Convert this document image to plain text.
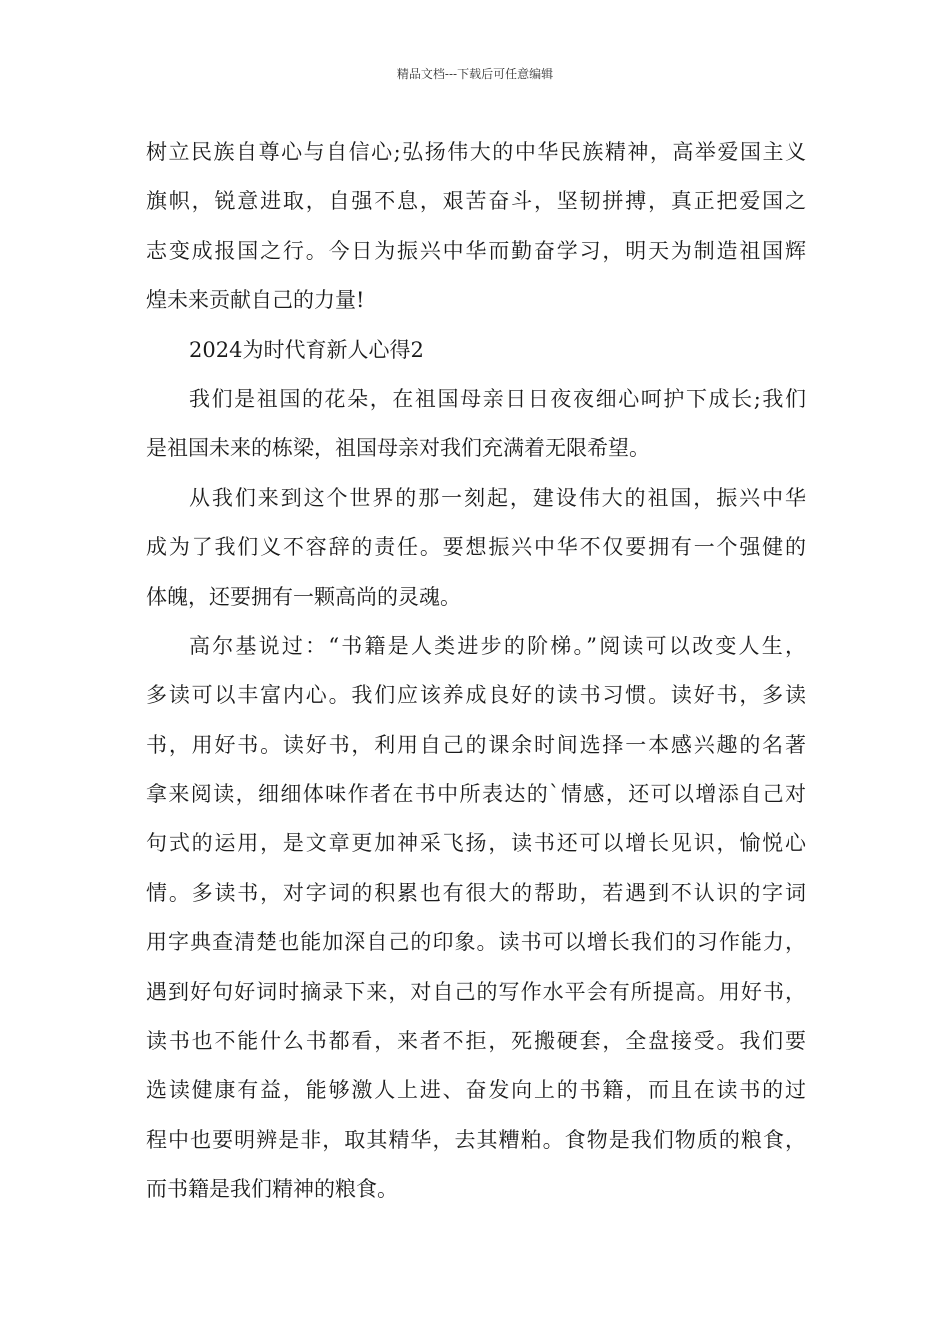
精品文档---下载后可任意编辑
树立民族自尊心与自信心;弘扬伟大的中华民族精神，高举爱国主义
旗帜，锐意进取，自强不息，艰苦奋斗，坚韧拼搏，真正把爱国之
志变成报国之行。今日为振兴中华而勤奋学习，明天为制造祖国辉
煌未来贡献自己的力量!
2024为时代育新人心得2
我们是祖国的花朵，在祖国母亲日日夜夜细心呵护下成长;我们
是祖国未来的栋梁，祖国母亲对我们充满着无限希望。
从我们来到这个世界的那一刻起，建设伟大的祖国，振兴中华
成为了我们义不容辞的责任。要想振兴中华不仅要拥有一个强健的
体魄，还要拥有一颗高尚的灵魂。
高尔基说过：“书籍是人类进步的阶梯。”阅读可以改变人生，
多读可以丰富内心。我们应该养成良好的读书习惯。读好书，多读
书，用好书。读好书，利用自己的课余时间选择一本感兴趣的名著
拿来阅读，细细体味作者在书中所表达的`情感，还可以增添自己对
句式的运用，是文章更加神采飞扬，读书还可以增长见识，愉悦心
情。多读书，对字词的积累也有很大的帮助，若遇到不认识的字词
用字典查清楚也能加深自己的印象。读书可以增长我们的习作能力，
遇到好句好词时摘录下来，对自己的写作水平会有所提高。用好书，
读书也不能什么书都看，来者不拒，死搬硬套，全盘接受。我们要
选读健康有益，能够激人上进、奋发向上的书籍，而且在读书的过
程中也要明辨是非，取其精华，去其糟粕。食物是我们物质的粮食，
而书籍是我们精神的粮食。
